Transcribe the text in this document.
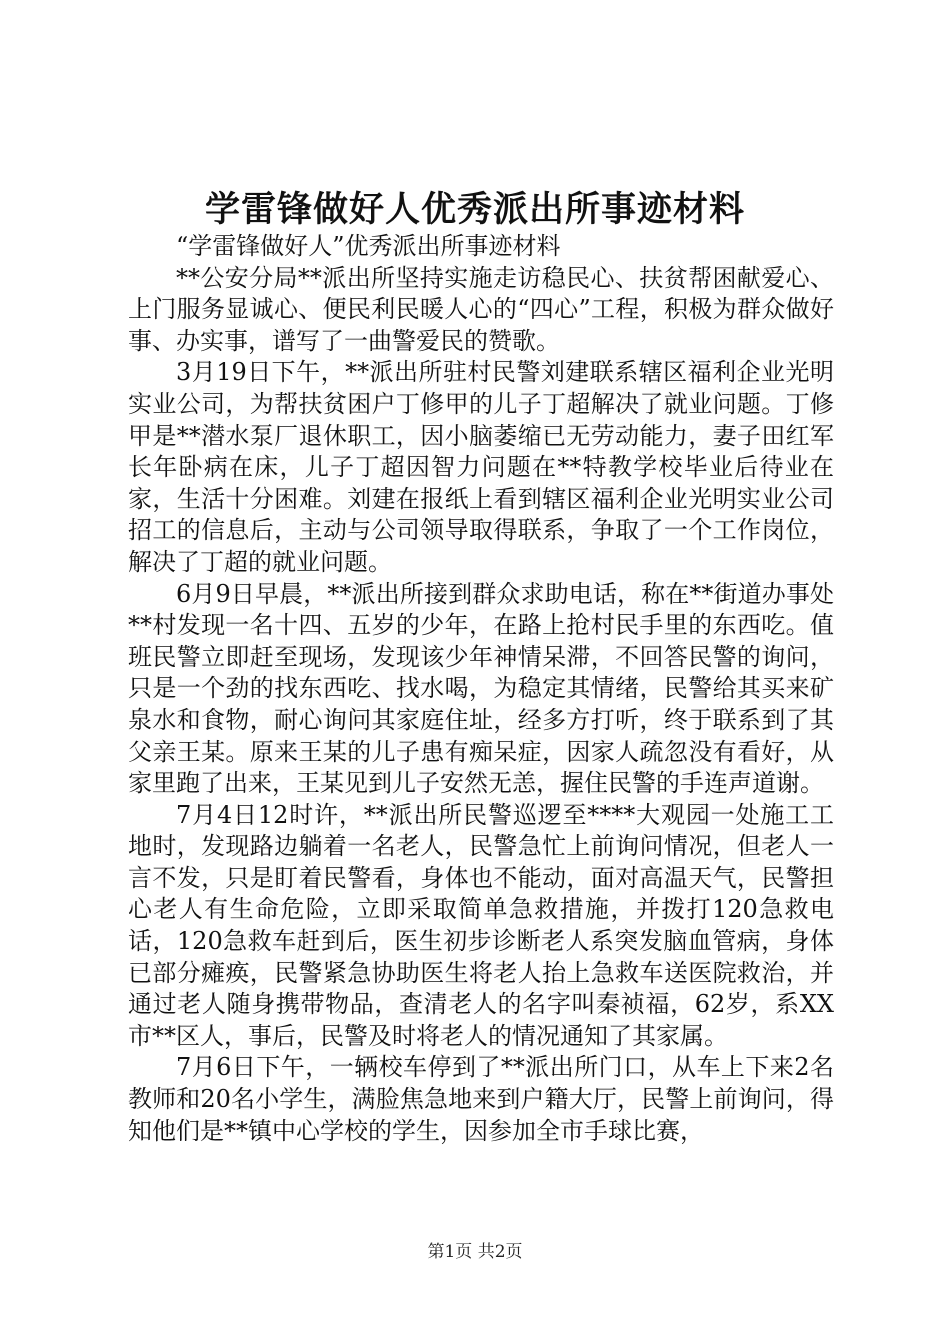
学雷锋做好人优秀派出所事迹材料

“学雷锋做好人”优秀派出所事迹材料

**公安分局**派出所坚持实施走访稳民心、扶贫帮困献爱心、上门服务显诚心、便民利民暖人心的“四心”工程，积极为群众做好事、办实事，谱写了一曲警爱民的赞歌。

3月19日下午，**派出所驻村民警刘建联系辖区福利企业光明实业公司，为帮扶贫困户丁修甲的儿子丁超解决了就业问题。丁修甲是**潜水泵厂退休职工，因小脑萎缩已无劳动能力，妻子田红军长年卧病在床，儿子丁超因智力问题在**特教学校毕业后待业在家，生活十分困难。刘建在报纸上看到辖区福利企业光明实业公司招工的信息后，主动与公司领导取得联系，争取了一个工作岗位，解决了丁超的就业问题。

6月9日早晨，**派出所接到群众求助电话，称在**街道办事处**村发现一名十四、五岁的少年，在路上抢村民手里的东西吃。值班民警立即赶至现场，发现该少年神情呆滞，不回答民警的询问，只是一个劲的找东西吃、找水喝，为稳定其情绪，民警给其买来矿泉水和食物，耐心询问其家庭住址，经多方打听，终于联系到了其父亲王某。原来王某的儿子患有痴呆症，因家人疏忽没有看好，从家里跑了出来，王某见到儿子安然无恙，握住民警的手连声道谢。

7月4日12时许，**派出所民警巡逻至****大观园一处施工工地时，发现路边躺着一名老人，民警急忙上前询问情况，但老人一言不发，只是盯着民警看，身体也不能动，面对高温天气，民警担心老人有生命危险，立即采取简单急救措施，并拨打120急救电话，120急救车赶到后，医生初步诊断老人系突发脑血管病，身体已部分瘫痪，民警紧急协助医生将老人抬上急救车送医院救治，并通过老人随身携带物品，查清老人的名字叫秦祯福，62岁，系XX市**区人，事后，民警及时将老人的情况通知了其家属。

7月6日下午，一辆校车停到了**派出所门口，从车上下来2名教师和20名小学生，满脸焦急地来到户籍大厅，民警上前询问，得知他们是**镇中心学校的学生，因参加全市手球比赛，

第1页 共2页
